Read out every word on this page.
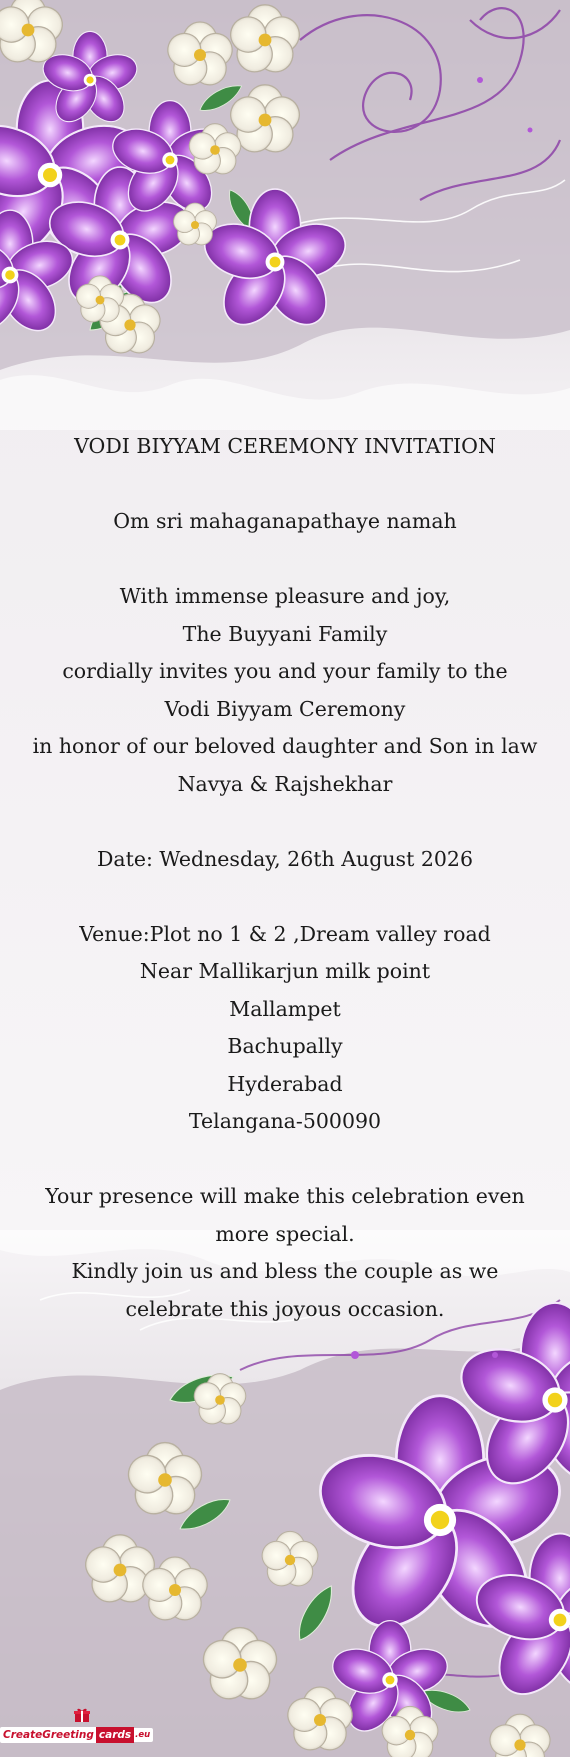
VODI BIYYAM CEREMONY INVITATION
Om sri mahaganapathaye namah
With immense pleasure and joy,
The Buyyani Family
cordially invites you and your family to the
Vodi Biyyam Ceremony
in honor of our beloved daughter and Son in law
Navya & Rajshekhar
Date: Wednesday, 26th August 2026
Venue:Plot no 1 & 2 ,Dream valley road
Near Mallikarjun milk point
Mallampet
Bachupally
Hyderabad
Telangana-500090
Your presence will make this celebration even more special.
Kindly join us and bless the couple as we celebrate this joyous occasion.
CreateGreeting cards .eu
